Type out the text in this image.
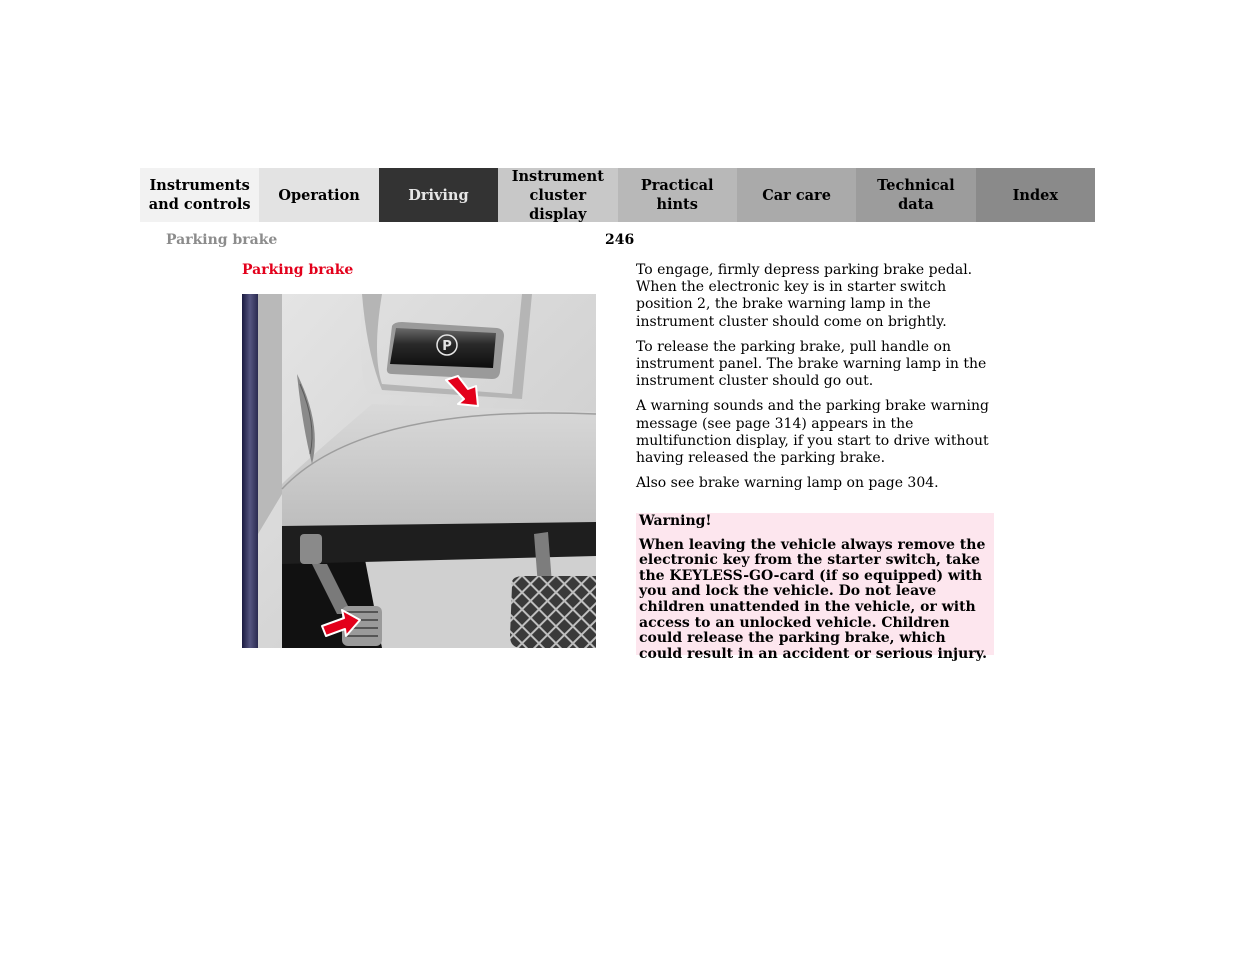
Instruments
and controls
Operation	Driving
Instrument
cluster display
Practical hints
Car care
Technical
data
Index
Parking brake	246
Parking brake
P

To engage, firmly depress parking brake pedal. When the electronic key is in starter switch position 2, the brake warning lamp in the instrument cluster should come on brightly.

To release the parking brake, pull handle on instrument panel. The brake warning lamp in the instrument cluster should go out.

A warning sounds and the parking brake warning message (see page 314) appears in the multifunction display, if you start to drive without having released the parking brake.

Also see brake warning lamp on page 304.

Warning!

When leaving the vehicle always remove the electronic key from the starter switch, take the KEYLESS-GO-card (if so equipped) with you and lock the vehicle. Do not leave children unattended in the vehicle, or with access to an unlocked vehicle. Children could release the parking brake, which could result in an accident or serious injury.
